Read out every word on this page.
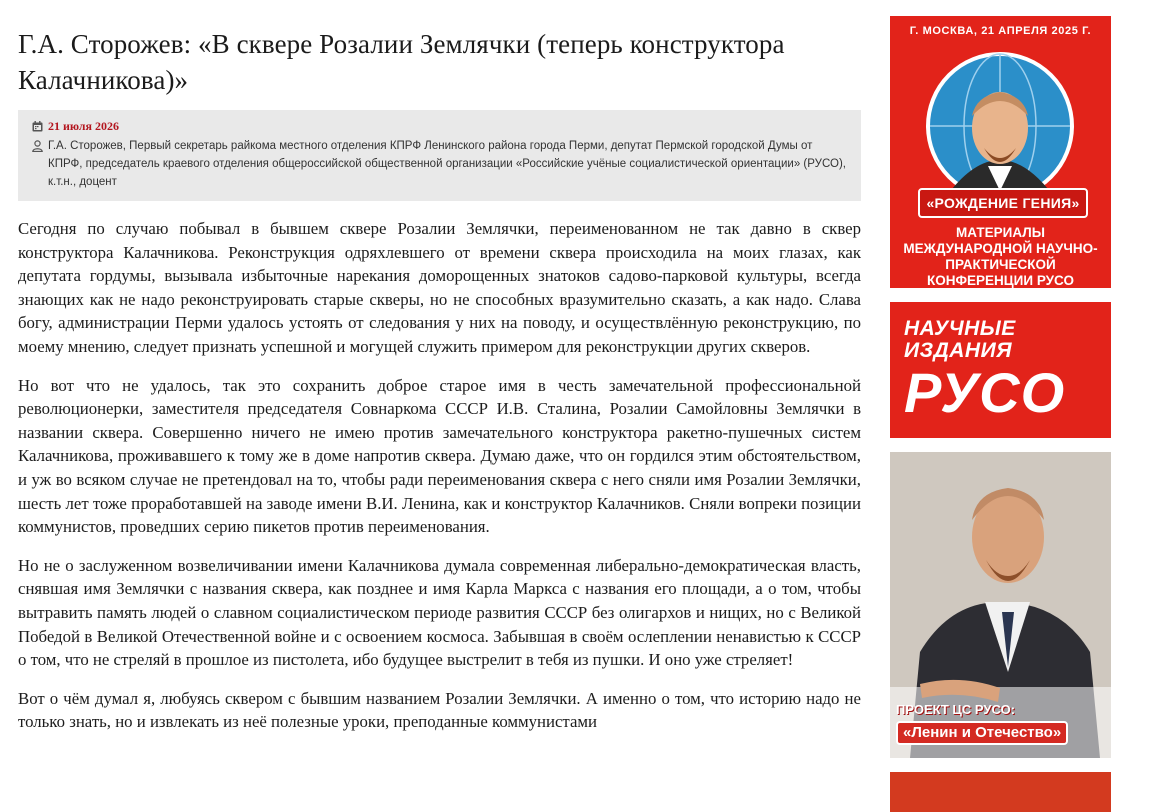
Г.А. Сторожев: «В сквере Розалии Землячки (теперь конструктора Калачникова)»
21 июля 2026
Г.А. Сторожев, Первый секретарь райкома местного отделения КПРФ Ленинского района города Перми, депутат Пермской городской Думы от КПРФ, председатель краевого отделения общероссийской общественной организации «Российские учёные социалистической ориентации» (РУСО), к.т.н., доцент

Сегодня по случаю побывал в бывшем сквере Розалии Землячки, переименованном не так давно в сквер конструктора Калачникова. Реконструкция одряхлевшего от времени сквера происходила на моих глазах, как депутата гордумы, вызывала избыточные нарекания доморощенных знатоков садово-парковой культуры, всегда знающих как не надо реконструировать старые скверы, но не способных вразумительно сказать, а как надо. Слава богу, администрации Перми удалось устоять от следования у них на поводу, и осуществлённую реконструкцию, по моему мнению, следует признать успешной и могущей служить примером для реконструкции других скверов.

Но вот что не удалось, так это сохранить доброе старое имя в честь замечательной профессиональной революционерки, заместителя председателя Совнаркома СССР И.В. Сталина, Розалии Самойловны Землячки в названии сквера. Совершенно ничего не имею против замечательного конструктора ракетно-пушечных систем Калачникова, проживавшего к тому же в доме напротив сквера. Думаю даже, что он гордился этим обстоятельством, и уж во всяком случае не претендовал на то, чтобы ради переименования сквера с него сняли имя Розалии Землячки, шесть лет тоже проработавшей на заводе имени В.И. Ленина, как и конструктор Калачников. Сняли вопреки позиции коммунистов, проведших серию пикетов против переименования.

Но не о заслуженном возвеличивании имени Калачникова думала современная либерально-демократическая власть, снявшая имя Землячки с названия сквера, как позднее и имя Карла Маркса с названия его площади, а о том, чтобы вытравить память людей о славном социалистическом периоде развития СССР без олигархов и нищих, но с Великой Победой в Великой Отечественной войне и с освоением космоса. Забывшая в своём ослеплении ненавистью к СССР о том, что не стреляй в прошлое из пистолета, ибо будущее выстрелит в тебя из пушки. И оно уже стреляет!

Вот о чём думал я, любуясь сквером с бывшим названием Розалии Землячки. А именно о том, что историю надо не только знать, но и извлекать из неё полезные уроки, преподанные коммунистами

Г. МОСКВА, 21 АПРЕЛЯ 2025 Г.
«РОЖДЕНИЕ ГЕНИЯ»
МАТЕРИАЛЫ МЕЖДУНАРОДНОЙ НАУЧНО-ПРАКТИЧЕСКОЙ КОНФЕРЕНЦИИ РУСО
НАУЧНЫЕ
ИЗДАНИЯ
РУСО
ПРОЕКТ ЦС РУСО:
«Ленин и Отечество»
